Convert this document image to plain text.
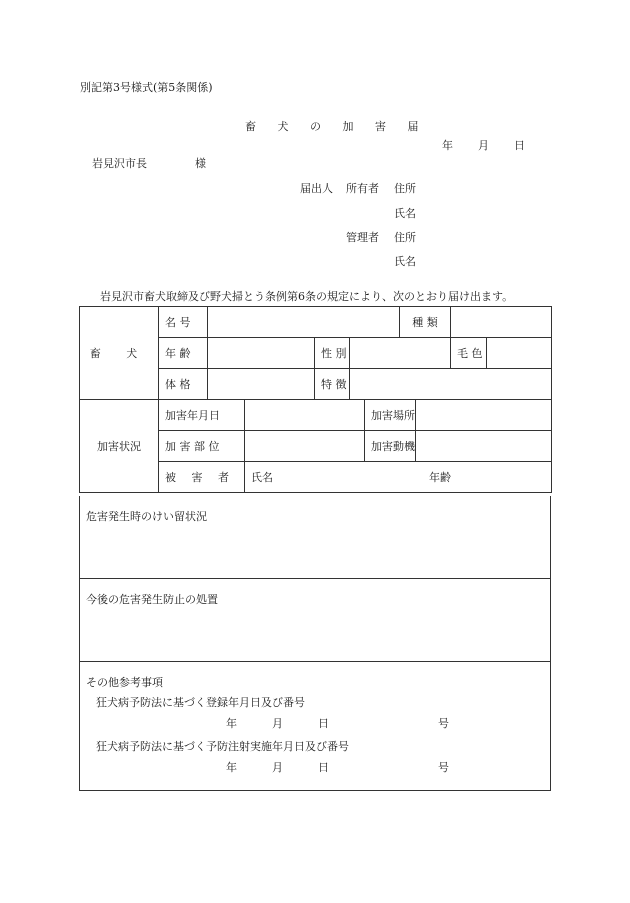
別記第3号様式(第5条関係)
畜 犬 の 加 害 届
年 月 日
岩見沢市長	様
届出人 所有者 住所
氏名
管理者 住所
氏名
岩見沢市畜犬取締及び野犬掃とう条例第6条の規定により、次のとおり届け出ます。
畜 犬	名 号						種 類			
	年 齢			性 別					毛 色	
	体 格			特 徴						
加害状況	加害年月日					加害場所				
	加 害 部 位					加害動機				
	被 害 者		氏名 年齢							
危害発生時のけい留状況
今後の危害発生防止の処置
その他参考事項
狂犬病予防法に基づく登録年月日及び番号
年	月	日	号
狂犬病予防法に基づく予防注射実施年月日及び番号
年	月	日	号
